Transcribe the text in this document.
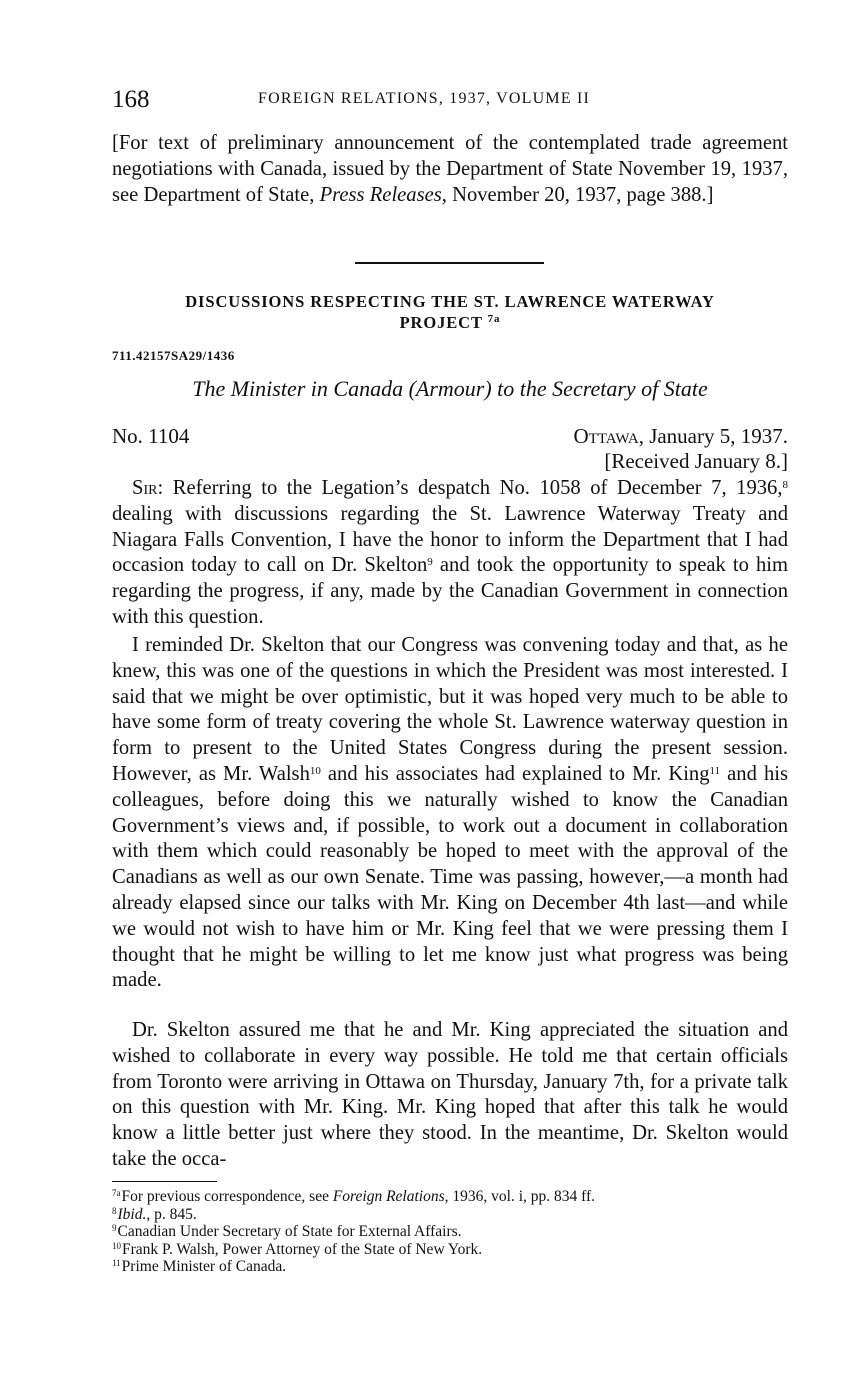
168	FOREIGN RELATIONS, 1937, VOLUME II
[For text of preliminary announcement of the contemplated trade agreement negotiations with Canada, issued by the Department of State November 19, 1937, see Department of State, Press Releases, November 20, 1937, page 388.]
DISCUSSIONS RESPECTING THE ST. LAWRENCE WATERWAY
PROJECT $^{7a}$
711.42157SA29/1436
The Minister in Canada (Armour) to the Secretary of State
No. 1104	Ottawa, January 5, 1937.
[Received January 8.]
Sir: Referring to the Legation’s despatch No. 1058 of December 7, 1936,$^8$ dealing with discussions regarding the St. Lawrence Waterway Treaty and Niagara Falls Convention, I have the honor to inform the Department that I had occasion today to call on Dr. Skelton$^9$ and took the opportunity to speak to him regarding the progress, if any, made by the Canadian Government in connection with this question.
I reminded Dr. Skelton that our Congress was convening today and that, as he knew, this was one of the questions in which the President was most interested. I said that we might be over optimistic, but it was hoped very much to be able to have some form of treaty covering the whole St. Lawrence waterway question in form to present to the United States Congress during the present session. However, as Mr. Walsh$^{10}$ and his associates had explained to Mr. King$^{11}$ and his colleagues, before doing this we naturally wished to know the Canadian Government’s views and, if possible, to work out a document in collaboration with them which could reasonably be hoped to meet with the approval of the Canadians as well as our own Senate. Time was passing, however,—a month had already elapsed since our talks with Mr. King on December 4th last—and while we would not wish to have him or Mr. King feel that we were pressing them I thought that he might be willing to let me know just what progress was being made.
Dr. Skelton assured me that he and Mr. King appreciated the situation and wished to collaborate in every way possible. He told me that certain officials from Toronto were arriving in Ottawa on Thursday, January 7th, for a private talk on this question with Mr. King. Mr. King hoped that after this talk he would know a little better just where they stood. In the meantime, Dr. Skelton would take the occa-
$^{7a}$For previous correspondence, see Foreign Relations, 1936, vol. i, pp. 834 ff.
$^8$Ibid., p. 845.
$^9$Canadian Under Secretary of State for External Affairs.
$^{10}$Frank P. Walsh, Power Attorney of the State of New York.
$^{11}$Prime Minister of Canada.
